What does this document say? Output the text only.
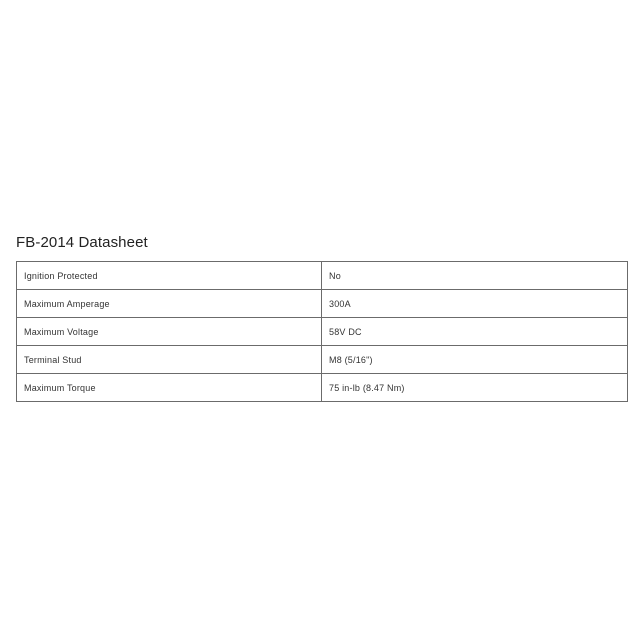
FB-2014 Datasheet
Ignition Protected	No
Maximum Amperage	300A
Maximum Voltage	58V DC
Terminal Stud	M8 (5/16")
Maximum Torque	75 in-lb (8.47 Nm)
